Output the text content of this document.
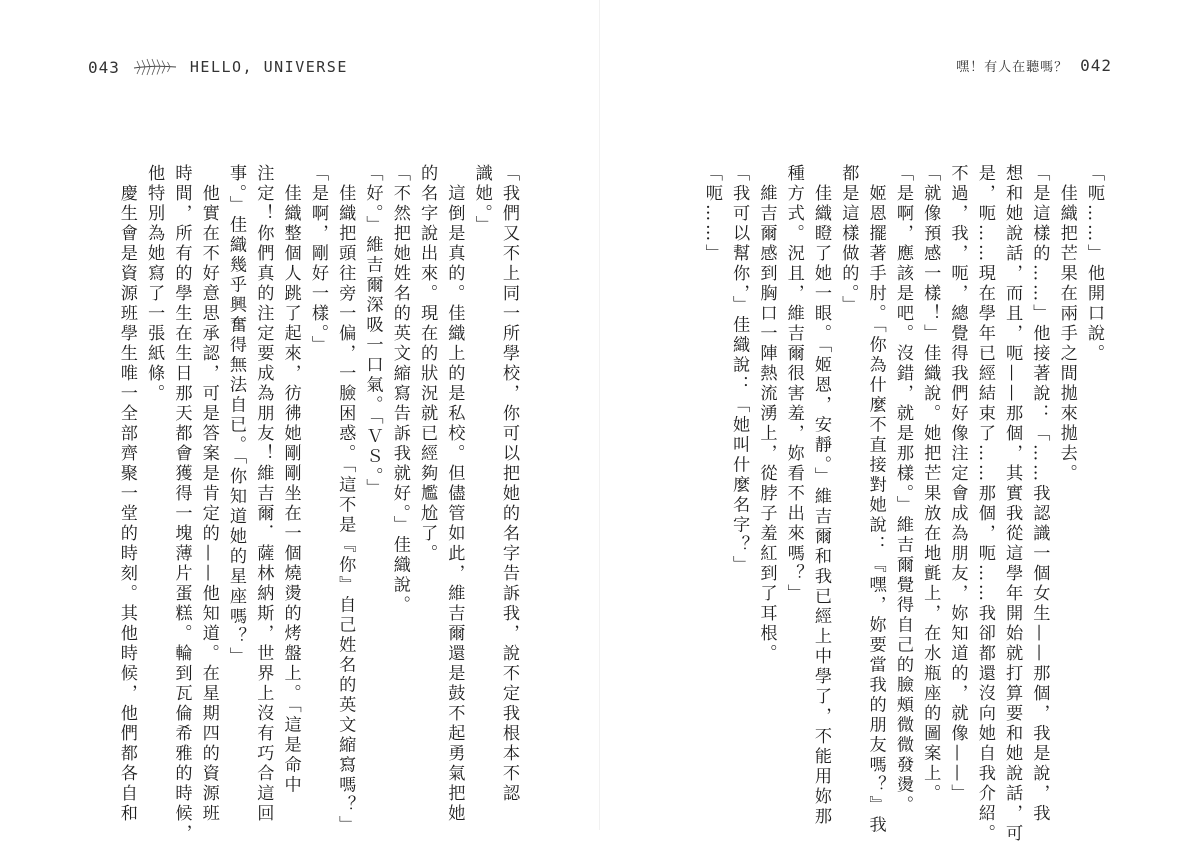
043	HELLO, UNIVERSE
「我們又不上同一所學校，你可以把她的名字告訴我，說不定我根本不認
識她。」
　這倒是真的。佳織上的是私校。但儘管如此，維吉爾還是鼓不起勇氣把她
的名字說出來。現在的狀況就已經夠尷尬了。
「不然把她姓名的英文縮寫告訴我就好。」佳織說。
「好。」維吉爾深吸一口氣。「ＶＳ。」
　佳織把頭往旁一偏，一臉困惑。「這不是『你』自己姓名的英文縮寫嗎？」
「是啊，剛好一樣。」
　佳織整個人跳了起來，彷彿她剛剛坐在一個燒燙的烤盤上。「這是命中
注定！你們真的注定要成為朋友！維吉爾．薩林納斯，世界上沒有巧合這回
事。」佳織幾乎興奮得無法自已。「你知道她的星座嗎？」
　他實在不好意思承認，可是答案是肯定的——他知道。在星期四的資源班
時間，所有的學生在生日那天都會獲得一塊薄片蛋糕。輪到瓦倫希雅的時候，
他特別為她寫了一張紙條。
　慶生會是資源班學生唯一全部齊聚一堂的時刻。其他時候，他們都各自和
嘿！有人在聽嗎？ 042
「呃……」他開口說。
　佳織把芒果在兩手之間拋來拋去。
「是這樣的……」他接著說：「……我認識一個女生——那個，我是說，我
想和她說話，而且，呃——那個，其實我從這學年開始就打算要和她說話，可
是，呃……現在學年已經結束了……那個，呃……我卻都還沒向她自我介紹。
不過，我，呃，總覺得我們好像注定會成為朋友，妳知道的，就像——」
「就像預感一樣！」佳織說。她把芒果放在地氈上，在水瓶座的圖案上。
「是啊，應該是吧。沒錯，就是那樣。」維吉爾覺得自己的臉頰微微發燙。
　姬恩擺著手肘。「你為什麼不直接對她說：『嘿，妳要當我的朋友嗎？』我
都是這樣做的。」
　佳織瞪了她一眼。「姬恩，安靜。」維吉爾和我已經上中學了，不能用妳那
種方式。況且，維吉爾很害羞，妳看不出來嗎？」
　維吉爾感到胸口一陣熱流湧上，從脖子羞紅到了耳根。
「我可以幫你，」佳織說：「她叫什麼名字？」
「呃……」
